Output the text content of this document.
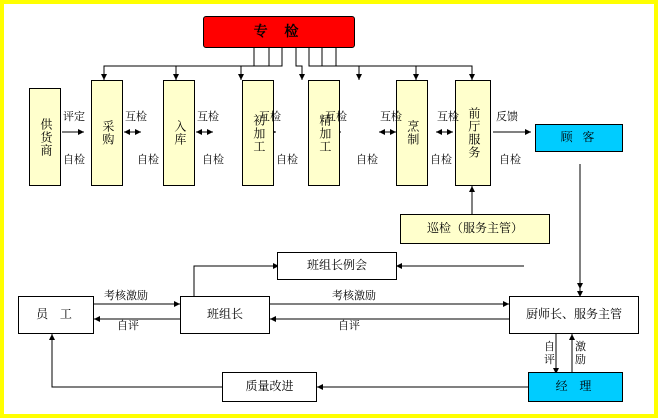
专 检
供货商	采购	入库	初加工	精加工	烹制	前厅服务	顾 客
巡检（服务主管）
班组长例会
员 工	班组长	厨师长、服务主管
质量改进	经 理
评定	互检	互检	互检	互检	互检	互检
自检	自检	自检	自检	自检	自检	自检
反馈
考核激励
自评
考核激励
自评
自
评
激
励
